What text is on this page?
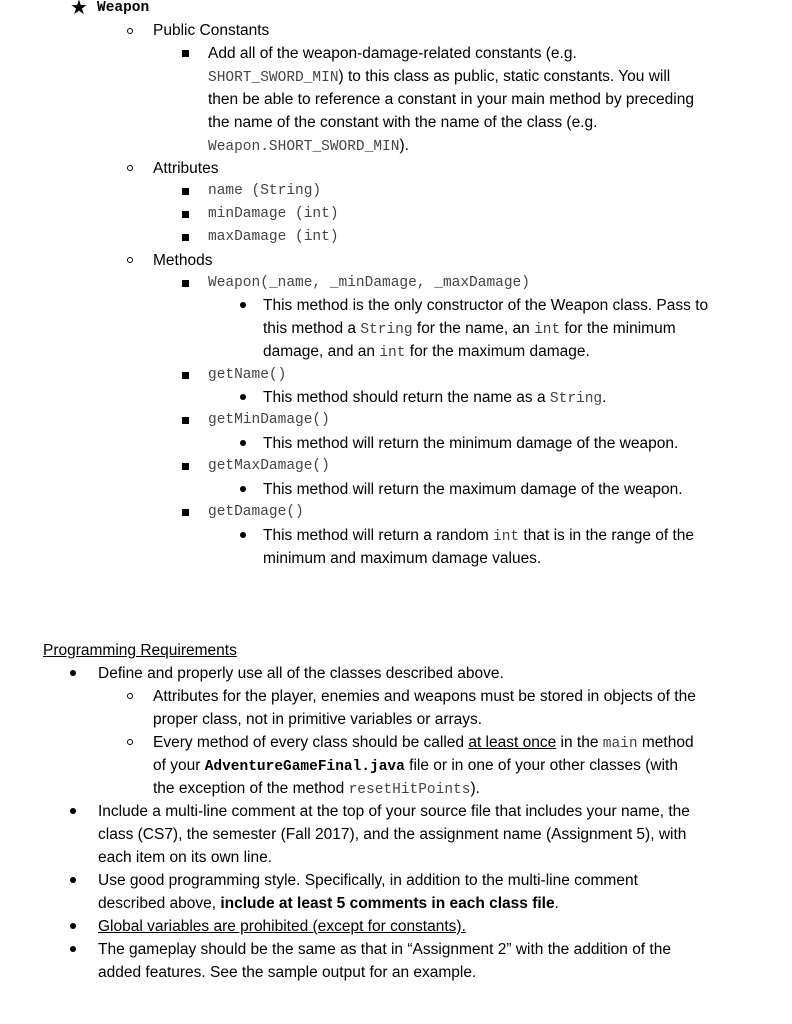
★ Weapon
Public Constants
Add all of the weapon-damage-related constants (e.g.
SHORT_SWORD_MIN) to this class as public, static constants. You will
then be able to reference a constant in your main method by preceding
the name of the constant with the name of the class (e.g.
Weapon.SHORT_SWORD_MIN).
Attributes
name (String)
minDamage (int)
maxDamage (int)
Methods
Weapon(_name, _minDamage, _maxDamage)
This method is the only constructor of the Weapon class. Pass to
this method a String for the name, an int for the minimum
damage, and an int for the maximum damage.
getName()
This method should return the name as a String.
getMinDamage()
This method will return the minimum damage of the weapon.
getMaxDamage()
This method will return the maximum damage of the weapon.
getDamage()
This method will return a random int that is in the range of the
minimum and maximum damage values.
Programming Requirements
Define and properly use all of the classes described above.
Attributes for the player, enemies and weapons must be stored in objects of the
proper class, not in primitive variables or arrays.
Every method of every class should be called at least once in the main method
of your AdventureGameFinal.java file or in one of your other classes (with
the exception of the method resetHitPoints).
Include a multi-line comment at the top of your source file that includes your name, the
class (CS7), the semester (Fall 2017), and the assignment name (Assignment 5), with
each item on its own line.
Use good programming style. Specifically, in addition to the multi-line comment
described above, include at least 5 comments in each class file.
Global variables are prohibited (except for constants).
The gameplay should be the same as that in “Assignment 2” with the addition of the
added features. See the sample output for an example.
